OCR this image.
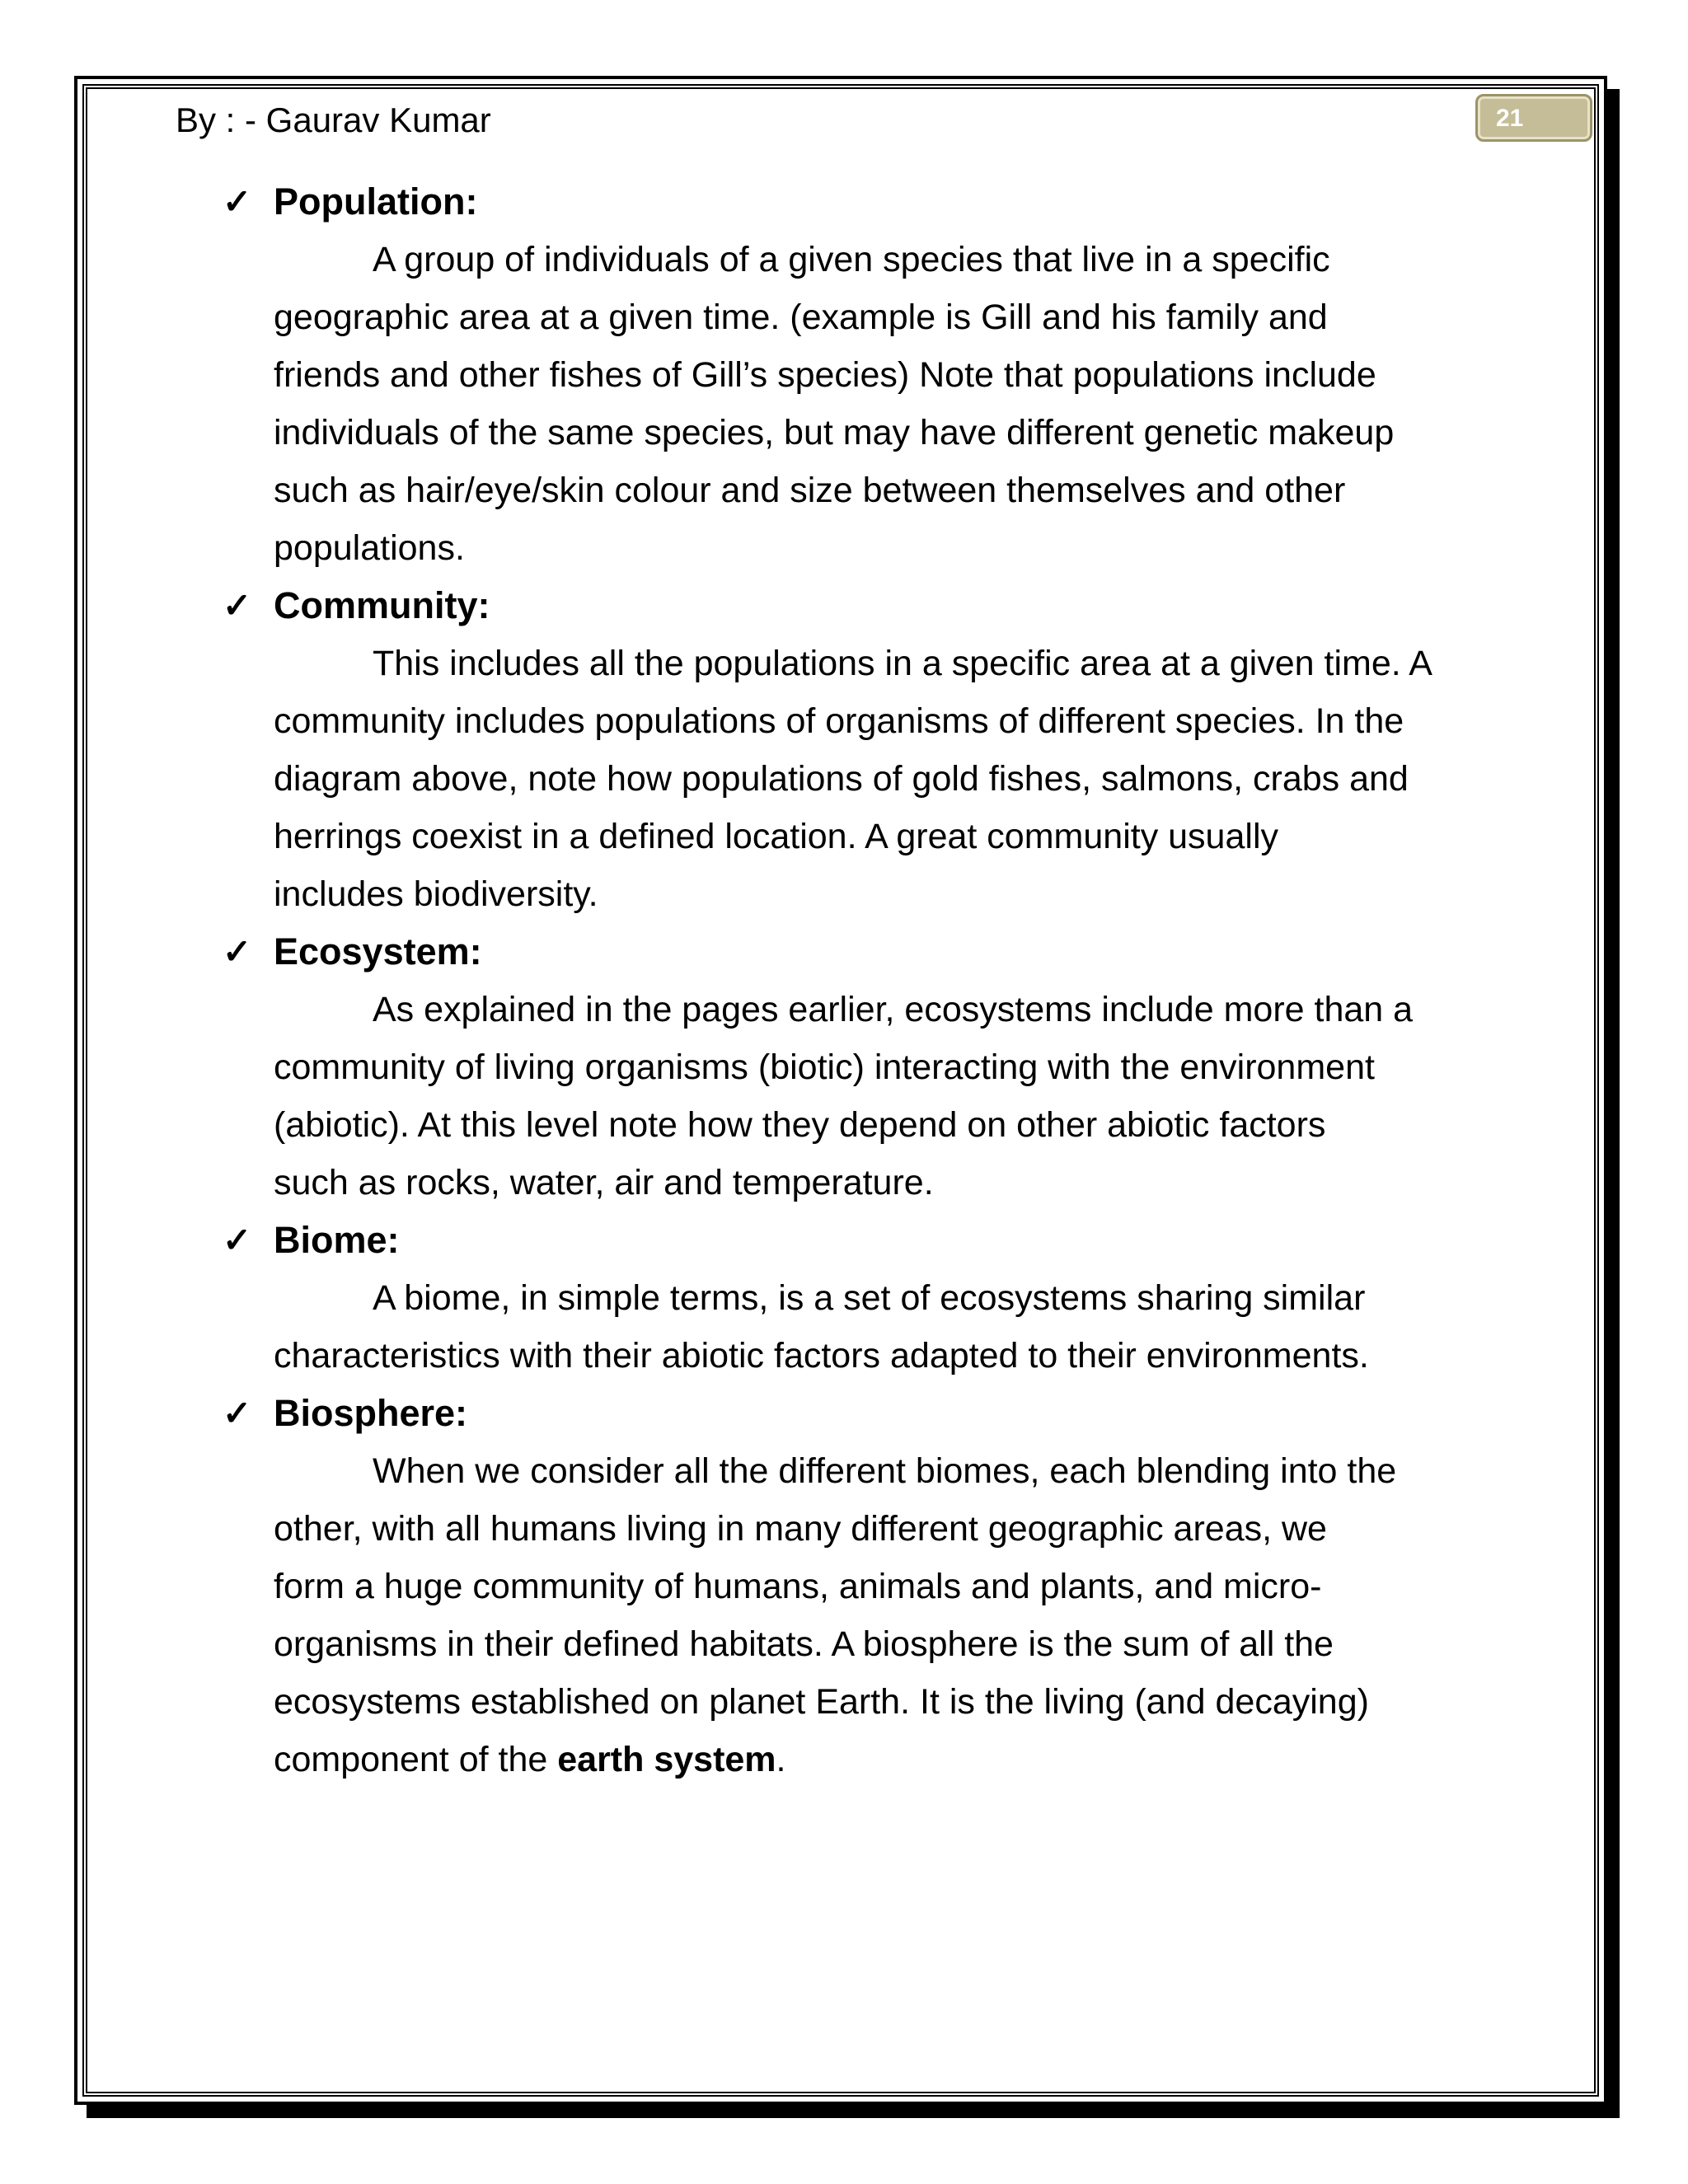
By : - Gaurav Kumar	21
✓ Population:
A group of individuals of a given species that live in a specific
geographic area at a given time. (example is Gill and his family and
friends and other fishes of Gill’s species) Note that populations include
individuals of the same species, but may have different genetic makeup
such as hair/eye/skin colour and size between themselves and other
populations.
✓ Community:
This includes all the populations in a specific area at a given time. A
community includes populations of organisms of different species. In the
diagram above, note how populations of gold fishes, salmons, crabs and
herrings coexist in a defined location. A great community usually
includes biodiversity.
✓ Ecosystem:
As explained in the pages earlier, ecosystems include more than a
community of living organisms (biotic) interacting with the environment
(abiotic). At this level note how they depend on other abiotic factors
such as rocks, water, air and temperature.
✓ Biome:
A biome, in simple terms, is a set of ecosystems sharing similar
characteristics with their abiotic factors adapted to their environments.
✓ Biosphere:
When we consider all the different biomes, each blending into the
other, with all humans living in many different geographic areas, we
form a huge community of humans, animals and plants, and micro-
organisms in their defined habitats. A biosphere is the sum of all the
ecosystems established on planet Earth. It is the living (and decaying)
component of the earth system.
